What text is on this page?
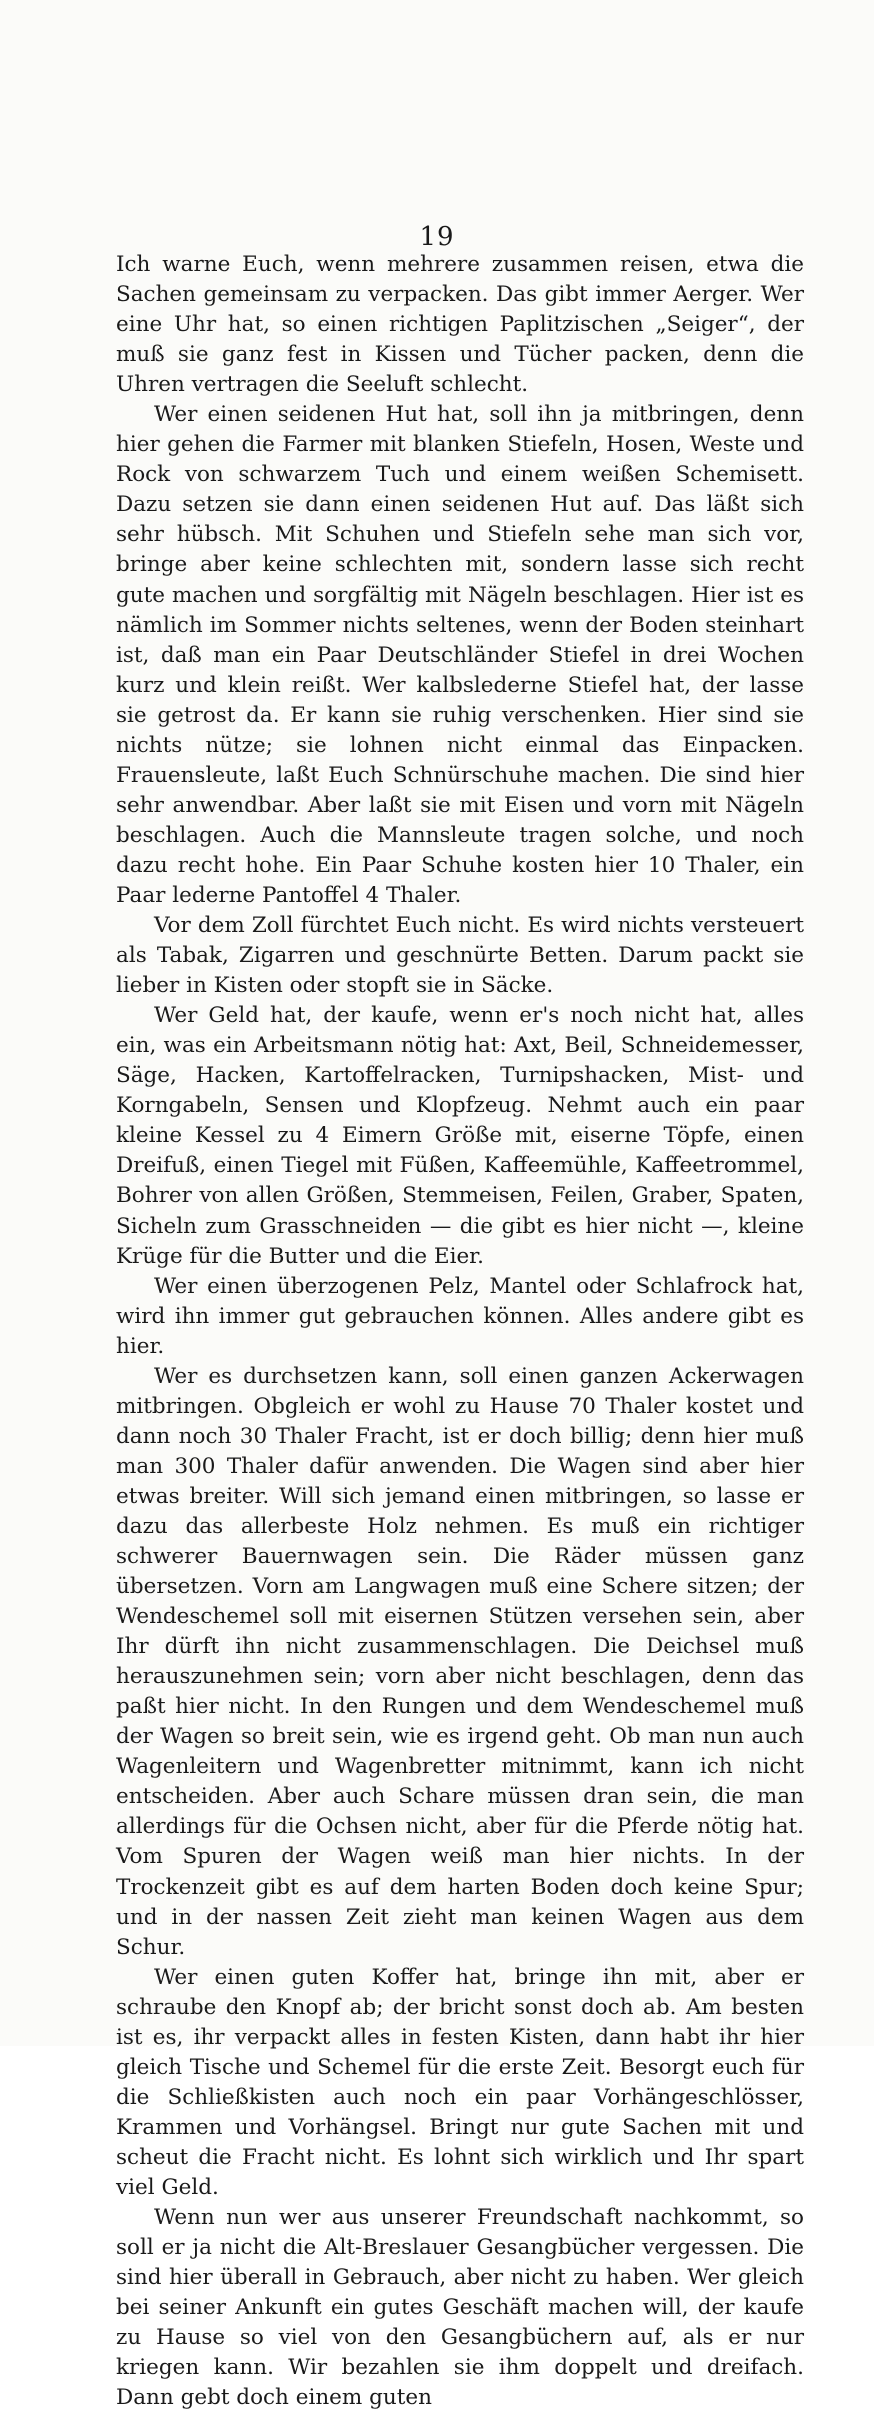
19

Ich warne Euch, wenn mehrere zusammen reisen, etwa die Sachen gemeinsam zu verpacken. Das gibt immer Aerger. Wer eine Uhr hat, so einen richtigen Paplitzischen „Seiger“, der muß sie ganz fest in Kissen und Tücher packen, denn die Uhren vertragen die Seeluft schlecht.

Wer einen seidenen Hut hat, soll ihn ja mitbringen, denn hier gehen die Farmer mit blanken Stiefeln, Hosen, Weste und Rock von schwarzem Tuch und einem weißen Schemisett. Dazu setzen sie dann einen seidenen Hut auf. Das läßt sich sehr hübsch. Mit Schuhen und Stiefeln sehe man sich vor, bringe aber keine schlechten mit, sondern lasse sich recht gute machen und sorgfältig mit Nägeln beschlagen. Hier ist es nämlich im Sommer nichts seltenes, wenn der Boden steinhart ist, daß man ein Paar Deutschländer Stiefel in drei Wochen kurz und klein reißt. Wer kalbslederne Stiefel hat, der lasse sie getrost da. Er kann sie ruhig verschenken. Hier sind sie nichts nütze; sie lohnen nicht einmal das Einpacken. Frauensleute, laßt Euch Schnürschuhe machen. Die sind hier sehr anwendbar. Aber laßt sie mit Eisen und vorn mit Nägeln beschlagen. Auch die Mannsleute tragen solche, und noch dazu recht hohe. Ein Paar Schuhe kosten hier 10 Thaler, ein Paar lederne Pantoffel 4 Thaler.

Vor dem Zoll fürchtet Euch nicht. Es wird nichts versteuert als Tabak, Zigarren und geschnürte Betten. Darum packt sie lieber in Kisten oder stopft sie in Säcke.

Wer Geld hat, der kaufe, wenn er's noch nicht hat, alles ein, was ein Arbeitsmann nötig hat: Axt, Beil, Schneidemesser, Säge, Hacken, Kartoffelracken, Turnipshacken, Mist- und Korngabeln, Sensen und Klopfzeug. Nehmt auch ein paar kleine Kessel zu 4 Eimern Größe mit, eiserne Töpfe, einen Dreifuß, einen Tiegel mit Füßen, Kaffeemühle, Kaffeetrommel, Bohrer von allen Größen, Stemmeisen, Feilen, Graber, Spaten, Sicheln zum Grasschneiden — die gibt es hier nicht —, kleine Krüge für die Butter und die Eier.

Wer einen überzogenen Pelz, Mantel oder Schlafrock hat, wird ihn immer gut gebrauchen können. Alles andere gibt es hier.

Wer es durchsetzen kann, soll einen ganzen Ackerwagen mitbringen. Obgleich er wohl zu Hause 70 Thaler kostet und dann noch 30 Thaler Fracht, ist er doch billig; denn hier muß man 300 Thaler dafür anwenden. Die Wagen sind aber hier etwas breiter. Will sich jemand einen mitbringen, so lasse er dazu das allerbeste Holz nehmen. Es muß ein richtiger schwerer Bauernwagen sein. Die Räder müssen ganz übersetzen. Vorn am Langwagen muß eine Schere sitzen; der Wendeschemel soll mit eisernen Stützen versehen sein, aber Ihr dürft ihn nicht zusammenschlagen. Die Deichsel muß herauszunehmen sein; vorn aber nicht beschlagen, denn das paßt hier nicht. In den Rungen und dem Wendeschemel muß der Wagen so breit sein, wie es irgend geht. Ob man nun auch Wagenleitern und Wagenbretter mitnimmt, kann ich nicht entscheiden. Aber auch Schare müssen dran sein, die man allerdings für die Ochsen nicht, aber für die Pferde nötig hat. Vom Spuren der Wagen weiß man hier nichts. In der Trockenzeit gibt es auf dem harten Boden doch keine Spur; und in der nassen Zeit zieht man keinen Wagen aus dem Schur.

Wer einen guten Koffer hat, bringe ihn mit, aber er schraube den Knopf ab; der bricht sonst doch ab. Am besten ist es, ihr verpackt alles in festen Kisten, dann habt ihr hier gleich Tische und Schemel für die erste Zeit. Besorgt euch für die Schließkisten auch noch ein paar Vorhängeschlösser, Krammen und Vorhängsel. Bringt nur gute Sachen mit und scheut die Fracht nicht. Es lohnt sich wirklich und Ihr spart viel Geld.

Wenn nun wer aus unserer Freundschaft nachkommt, so soll er ja nicht die Alt-Breslauer Gesangbücher vergessen. Die sind hier überall in Gebrauch, aber nicht zu haben. Wer gleich bei seiner Ankunft ein gutes Geschäft machen will, der kaufe zu Hause so viel von den Gesangbüchern auf, als er nur kriegen kann. Wir bezahlen sie ihm doppelt und dreifach. Dann gebt doch einem guten
